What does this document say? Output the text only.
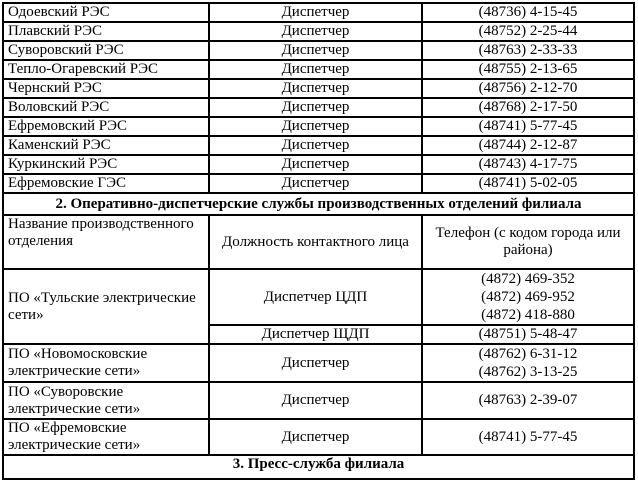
Одоевский РЭС	Диспетчер	(48736) 4-15-45
Плавский РЭС	Диспетчер	(48752) 2-25-44
Суворовский РЭС	Диспетчер	(48763) 2-33-33
Тепло-Огаревский РЭС	Диспетчер	(48755) 2-13-65
Чернский РЭС	Диспетчер	(48756) 2-12-70
Воловский РЭС	Диспетчер	(48768) 2-17-50
Ефремовский РЭС	Диспетчер	(48741) 5-77-45
Каменский РЭС	Диспетчер	(48744) 2-12-87
Куркинский РЭС	Диспетчер	(48743) 4-17-75
Ефремовские ГЭС	Диспетчер	(48741) 5-02-05
2. Оперативно-диспетчерские службы производственных отделений филиала		
Название производственного отделения	Должность контактного лица	Телефон (с кодом города или района)
ПО «Тульские электрические сети»	Диспетчер ЦДП	(4872) 469-352
(4872) 469-952
(4872) 418-880

	Диспетчер ЩДП	(48751) 5-48-47
ПО «Новомосковские электрические сети»	Диспетчер	(48762) 6-31-12
(48762) 3-13-25

ПО «Суворовские электрические сети»	Диспетчер	(48763) 2-39-07
ПО «Ефремовские электрические сети»	Диспетчер	(48741) 5-77-45
3. Пресс-служба филиала		
